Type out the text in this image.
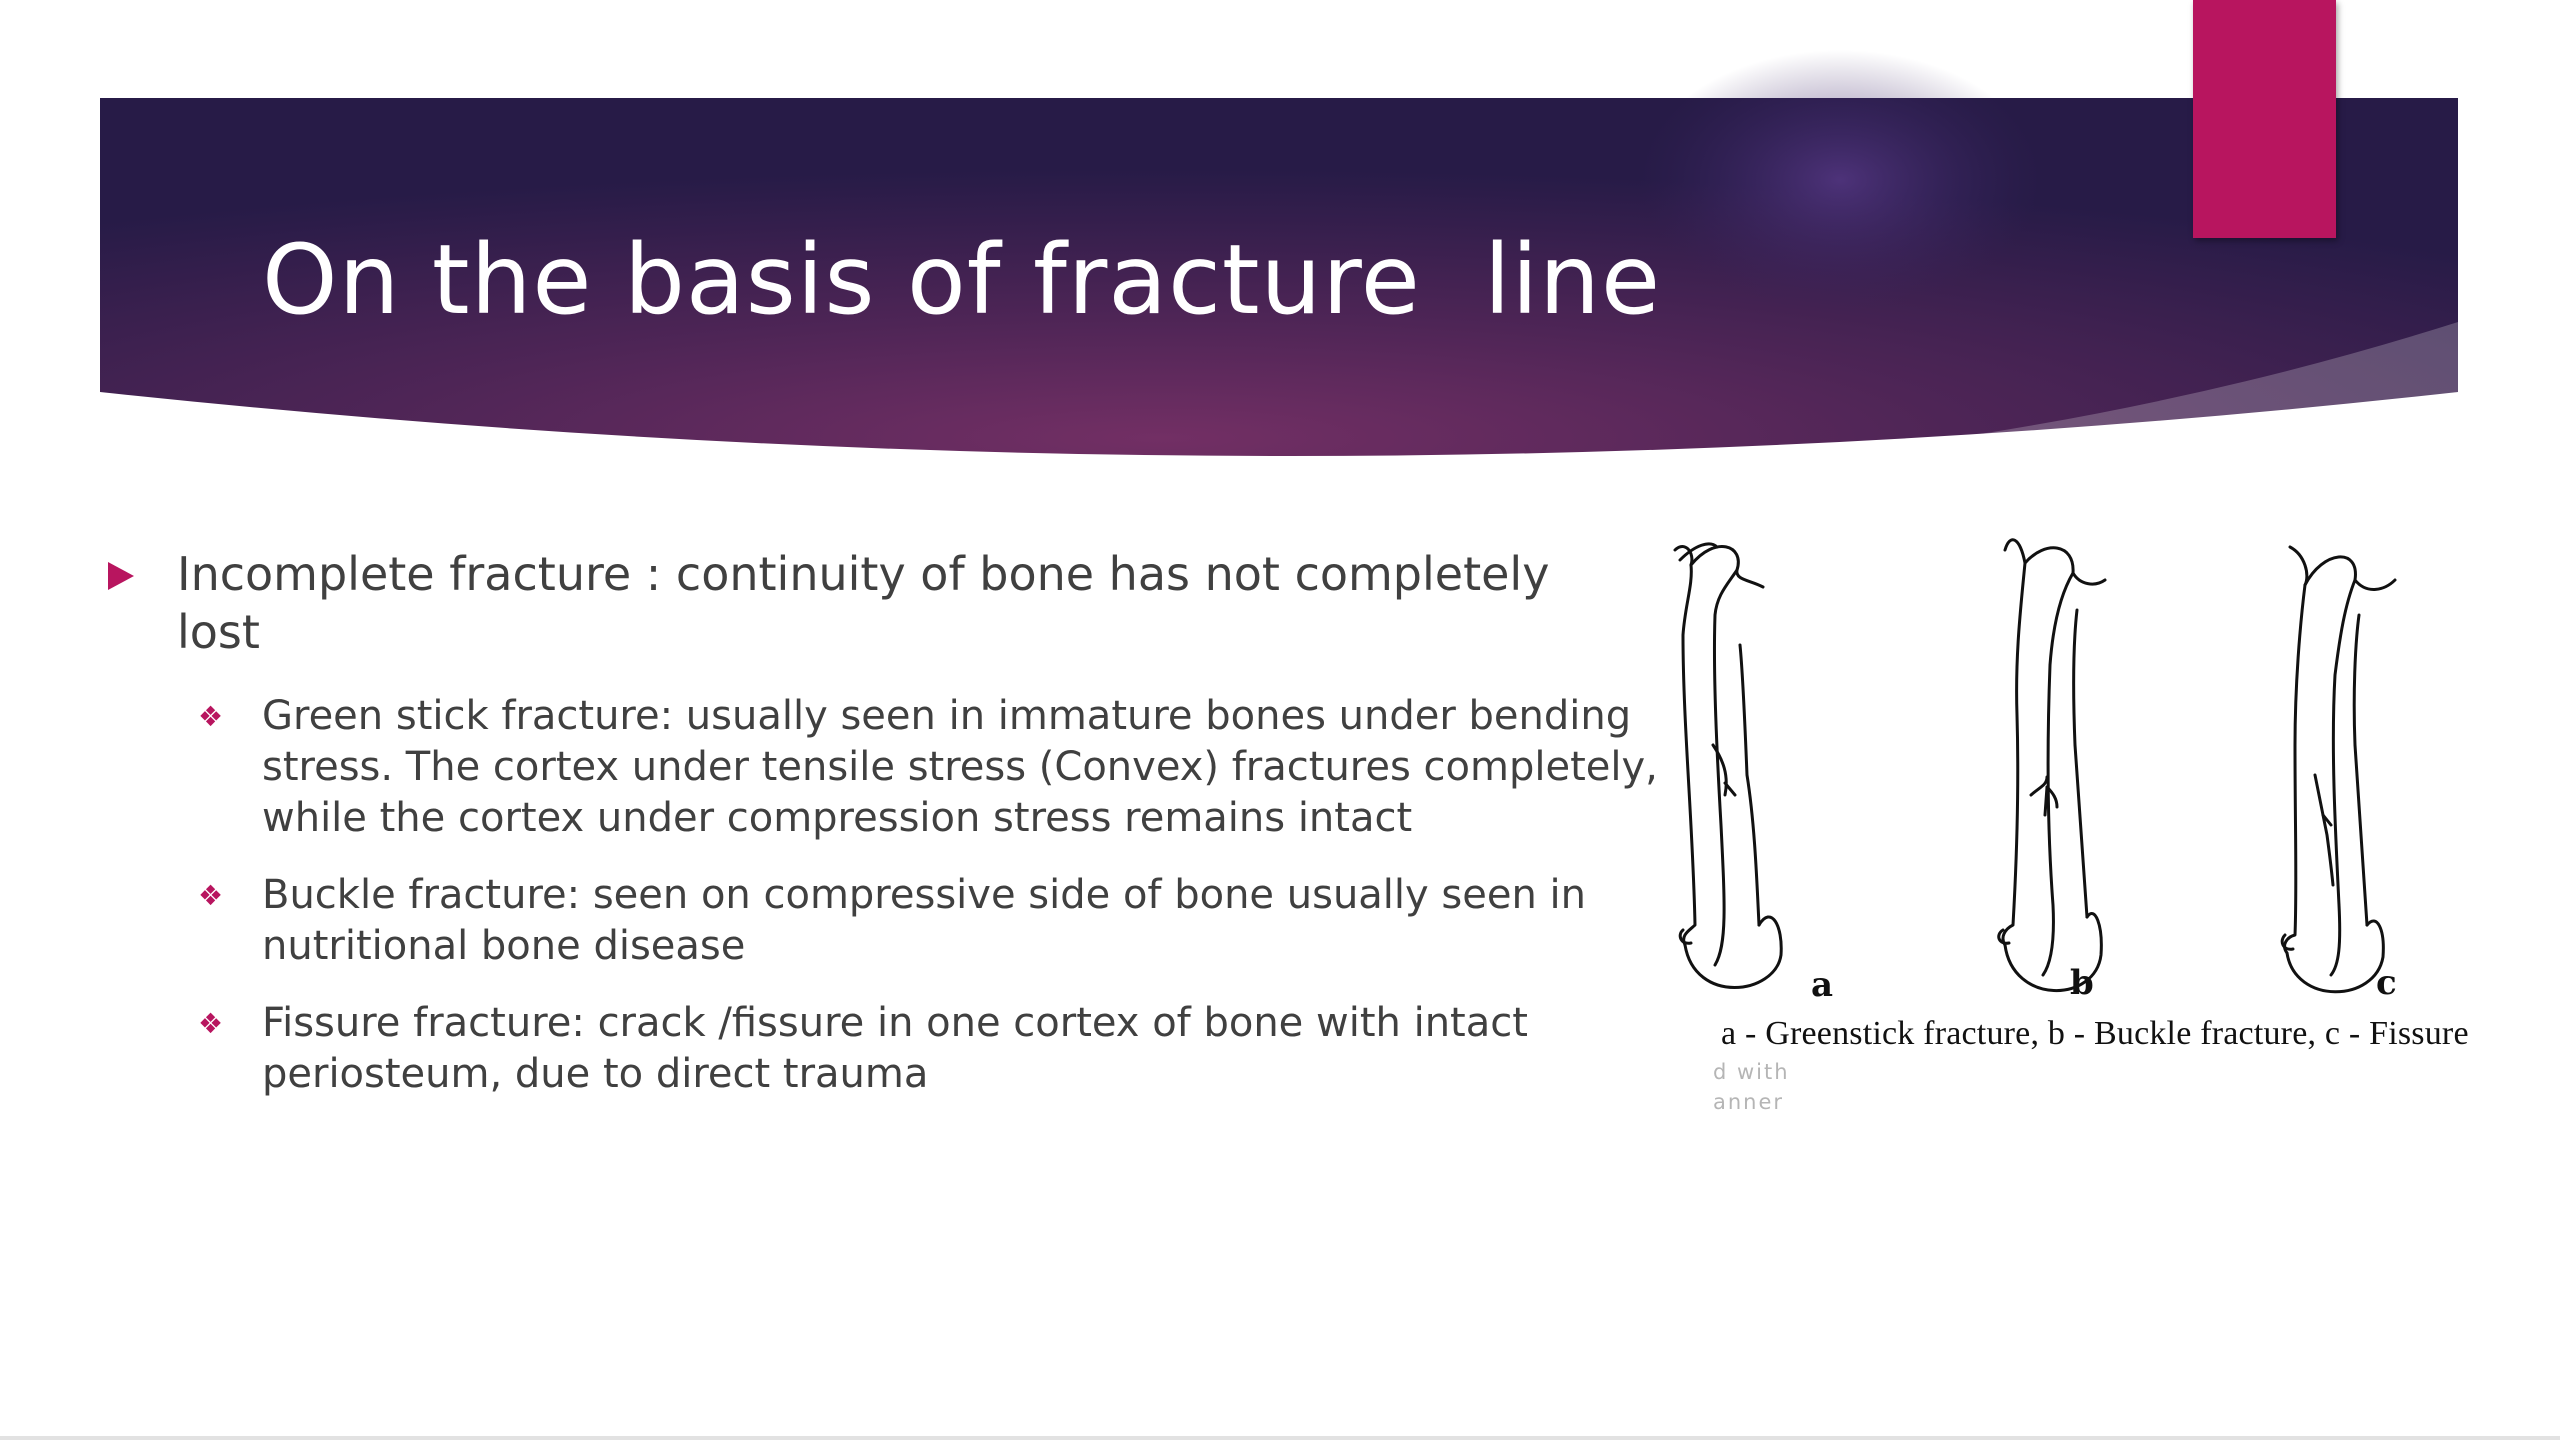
On the basis of fracture  line
Incomplete fracture : continuity of bone has not completely lost
❖ Green stick fracture: usually seen in immature bones under bending stress. The cortex under tensile stress (Convex) fractures completely, while the cortex under compression stress remains intact
❖ Buckle fracture: seen on compressive side of bone usually seen in nutritional bone disease
❖ Fissure fracture: crack /fissure in one cortex of bone with intact periosteum, due to direct trauma
a	b	c
a - Greenstick fracture, b - Buckle fracture, c - Fissure
d with
anner
